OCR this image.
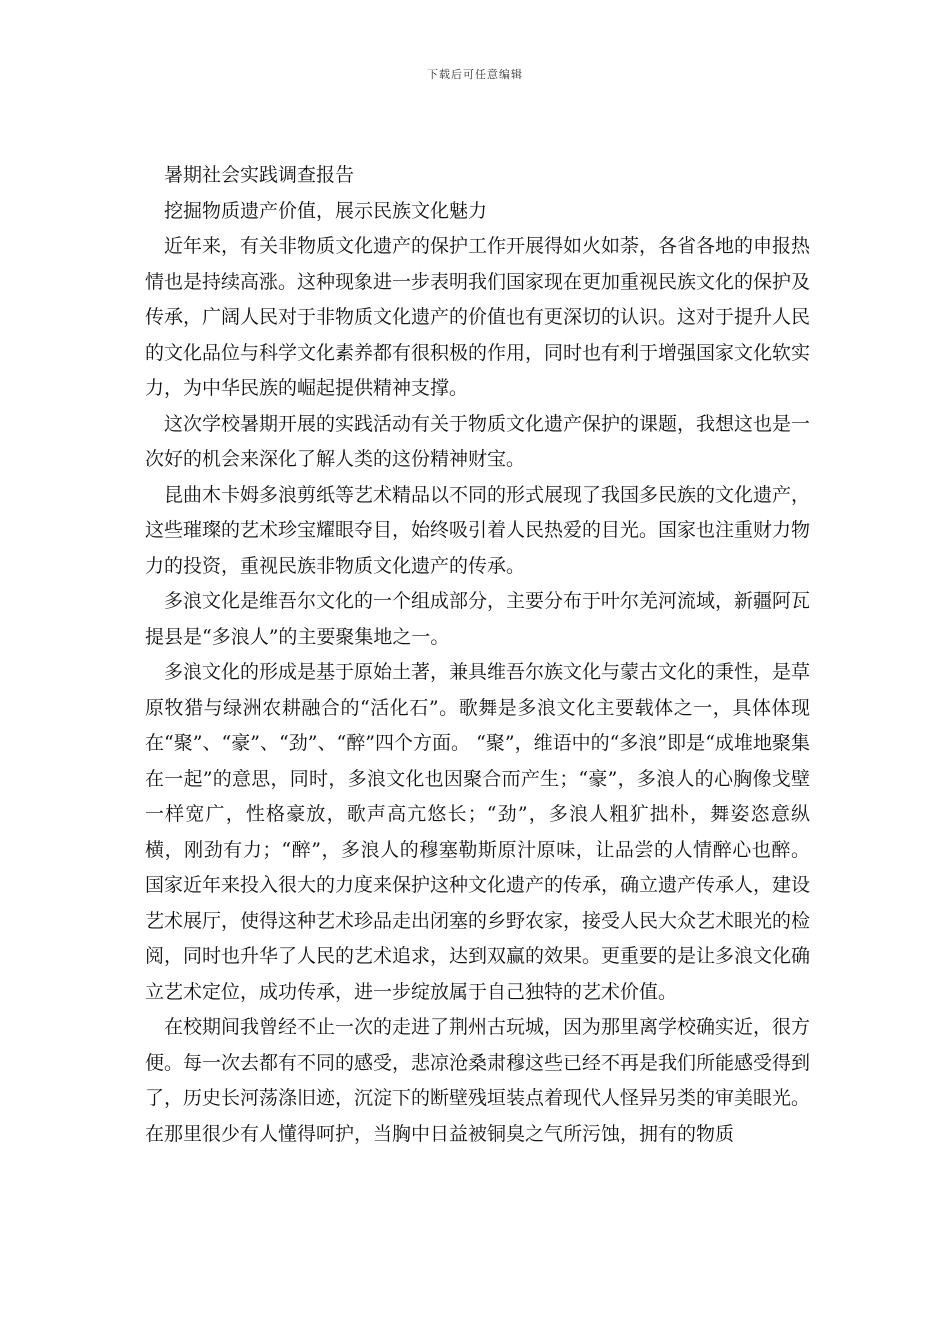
下载后可任意编辑

暑期社会实践调查报告

挖掘物质遗产价值，展示民族文化魅力

近年来，有关非物质文化遗产的保护工作开展得如火如荼，各省各地的申报热情也是持续高涨。这种现象进一步表明我们国家现在更加重视民族文化的保护及传承，广阔人民对于非物质文化遗产的价值也有更深切的认识。这对于提升人民的文化品位与科学文化素养都有很积极的作用，同时也有利于增强国家文化软实力，为中华民族的崛起提供精神支撑。

这次学校暑期开展的实践活动有关于物质文化遗产保护的课题，我想这也是一次好的机会来深化了解人类的这份精神财宝。

昆曲木卡姆多浪剪纸等艺术精品以不同的形式展现了我国多民族的文化遗产，这些璀璨的艺术珍宝耀眼夺目，始终吸引着人民热爱的目光。国家也注重财力物力的投资，重视民族非物质文化遗产的传承。

多浪文化是维吾尔文化的一个组成部分，主要分布于叶尔羌河流域，新疆阿瓦提县是“多浪人”的主要聚集地之一。

多浪文化的形成是基于原始土著，兼具维吾尔族文化与蒙古文化的秉性，是草原牧猎与绿洲农耕融合的“活化石”。歌舞是多浪文化主要载体之一，具体体现在“聚”、“豪”、“劲”、“醉”四个方面。 “聚”，维语中的“多浪”即是“成堆地聚集在一起”的意思，同时，多浪文化也因聚合而产生；“豪”，多浪人的心胸像戈壁一样宽广，性格豪放，歌声高亢悠长；“劲”，多浪人粗犷拙朴，舞姿恣意纵横，刚劲有力；“醉”，多浪人的穆塞勒斯原汁原味，让品尝的人情醉心也醉。国家近年来投入很大的力度来保护这种文化遗产的传承，确立遗产传承人，建设艺术展厅，使得这种艺术珍品走出闭塞的乡野农家，接受人民大众艺术眼光的检阅，同时也升华了人民的艺术追求，达到双赢的效果。更重要的是让多浪文化确立艺术定位，成功传承，进一步绽放属于自己独特的艺术价值。

在校期间我曾经不止一次的走进了荆州古玩城，因为那里离学校确实近，很方便。每一次去都有不同的感受，悲凉沧桑肃穆这些已经不再是我们所能感受得到了，历史长河荡涤旧迹，沉淀下的断壁残垣装点着现代人怪异另类的审美眼光。在那里很少有人懂得呵护，当胸中日益被铜臭之气所污蚀，拥有的物质
